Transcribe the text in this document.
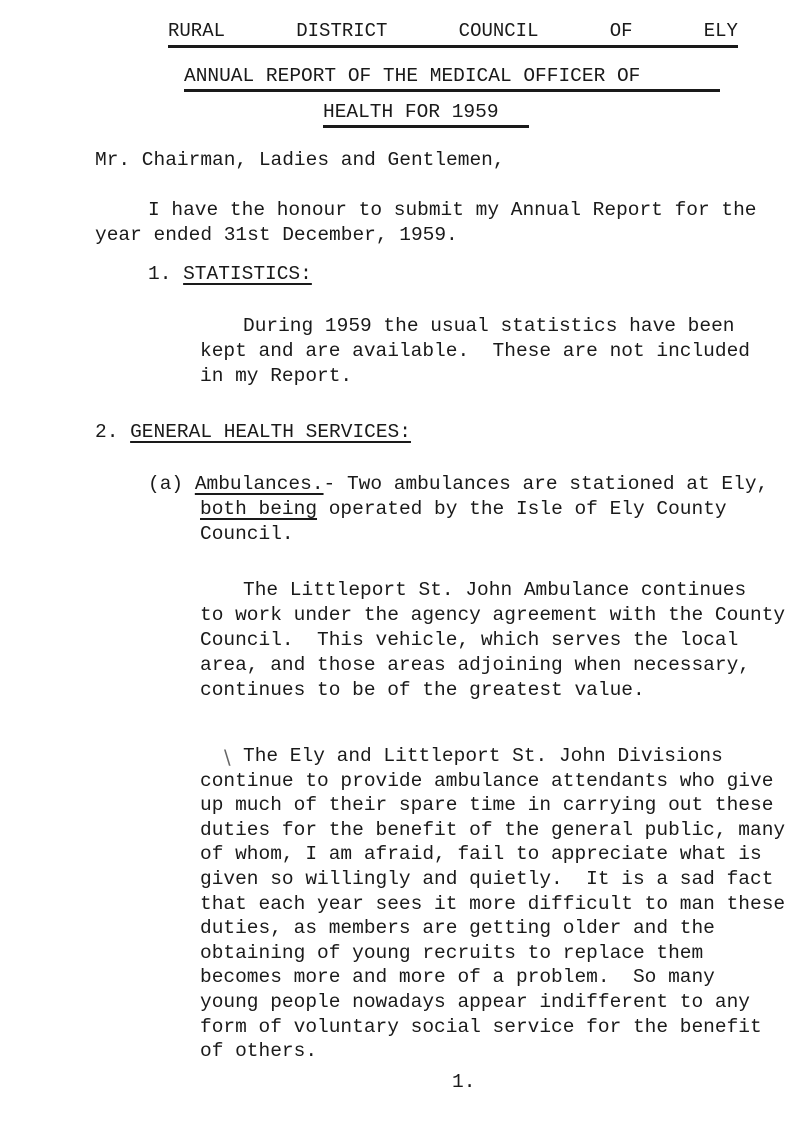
RURAL	DISTRICT	COUNCIL	OF	ELY
ANNUAL REPORT OF THE MEDICAL OFFICER OF
HEALTH FOR 1959
Mr. Chairman, Ladies and Gentlemen,
I have the honour to submit my Annual Report for the
year ended 31st December, 1959.
1. STATISTICS:
During 1959 the usual statistics have been
kept and are available.  These are not included
in my Report.
2. GENERAL HEALTH SERVICES:
(a) Ambulances.- Two ambulances are stationed at Ely,
both being operated by the Isle of Ely County
Council.
The Littleport St. John Ambulance continues
to work under the agency agreement with the County
Council.  This vehicle, which serves the local
area, and those areas adjoining when necessary,
continues to be of the greatest value.
\ The Ely and Littleport St. John Divisions
continue to provide ambulance attendants who give
up much of their spare time in carrying out these
duties for the benefit of the general public, many
of whom, I am afraid, fail to appreciate what is
given so willingly and quietly.  It is a sad fact
that each year sees it more difficult to man these
duties, as members are getting older and the
obtaining of young recruits to replace them
becomes more and more of a problem.  So many
young people nowadays appear indifferent to any
form of voluntary social service for the benefit
of others.
1.
